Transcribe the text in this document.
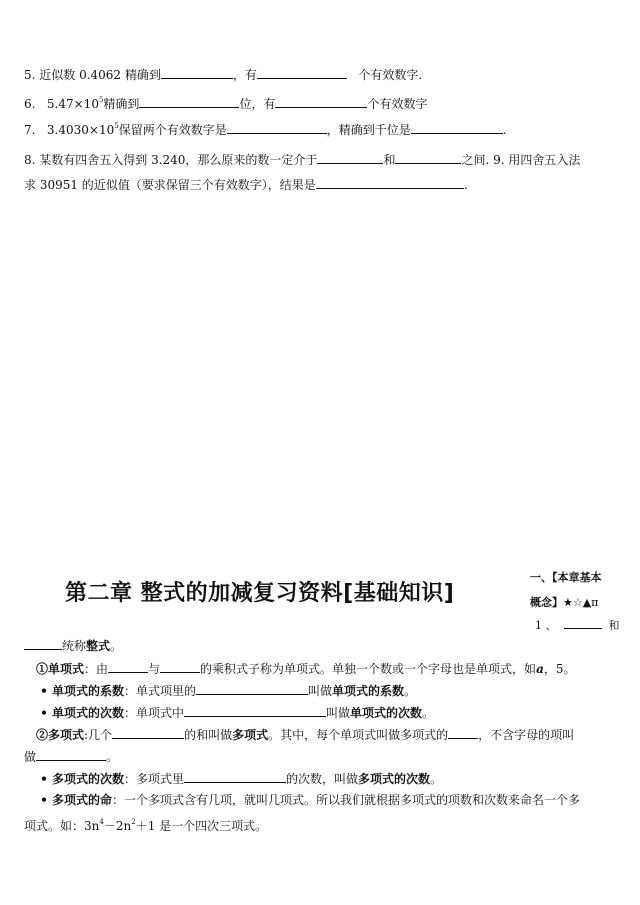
5. 近似数 0.4062 精确到	，有	个有效数字.
6. $5.47\times 10^5$精确到	位，有	个有效数字
7. $3.4030\times 10^5$保留两个有效数字是	，精确到千位是	.
8. 某数有四舍五入得到 3.240，那么原来的数一定介于	和	之间. 9. 用四舍五入法
求 30951 的近似值（要求保留三个有效数字），结果是	.
第二章 整式的加减复习资料[基础知识]
一、【本章基本
概念】★☆▲π
1 、	和
统称整式。
①单项式：由	与	的乘积式子称为单项式。单独一个数或一个字母也是单项式，如a，5。
• 单项式的系数：单式项里的	叫做单项式的系数。
• 单项式的次数：单项式中	叫做单项式的次数。
②多项式:几个	的和叫做多项式。其中，每个单项式叫做多项式的	，不含字母的项叫
做	。
• 多项式的次数：多项式里	的次数，叫做多项式的次数。
• 多项式的命：一个多项式含有几项，就叫几项式。所以我们就根据多项式的项数和次数来命名一个多
项式。如：$3n^4-2n^2+1$ 是一个四次三项式。
